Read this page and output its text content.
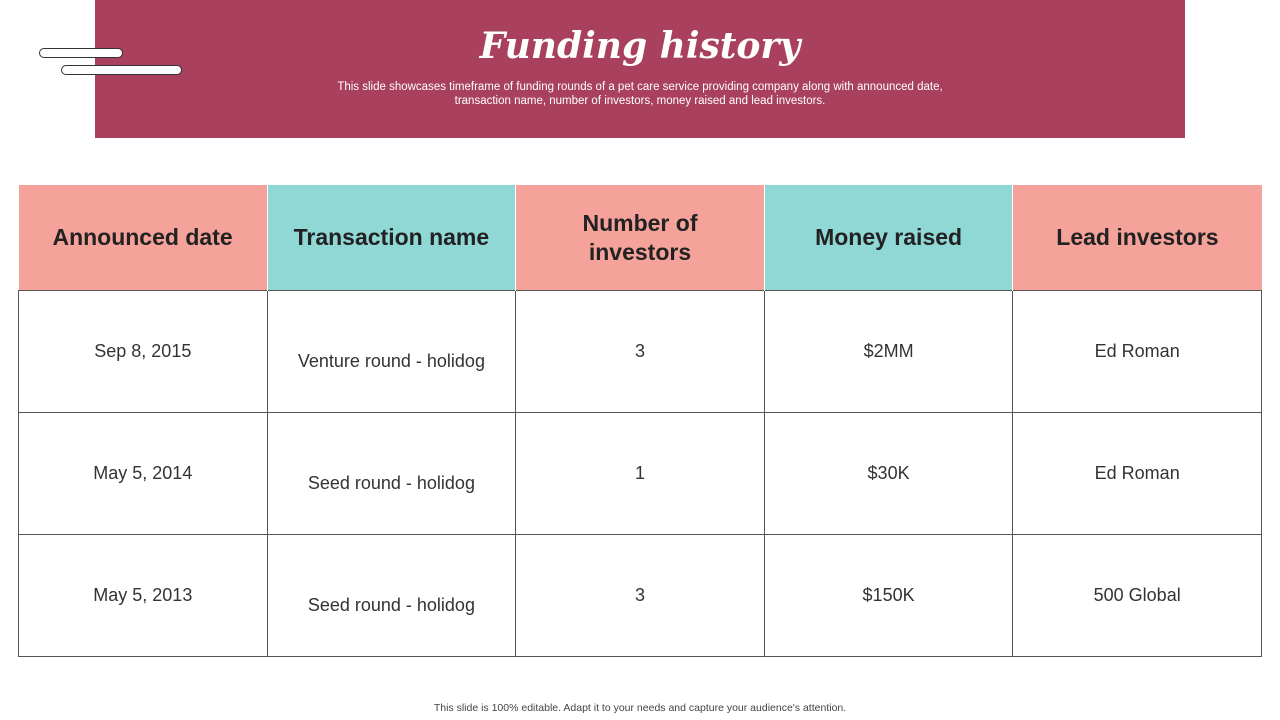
Funding history
This slide showcases timeframe of funding rounds of a pet care service providing company along with announced date, transaction name, number of investors, money raised and lead investors.
Announced date	Transaction name	Number of investors	Money raised	Lead investors

Sep 8, 2015	Venture round - holidog	3	$2MM	Ed Roman

May 5, 2014	Seed round - holidog	1	$30K	Ed Roman

May 5, 2013	Seed round - holidog	3	$150K	500 Global
This slide is 100% editable. Adapt it to your needs and capture your audience's attention.
